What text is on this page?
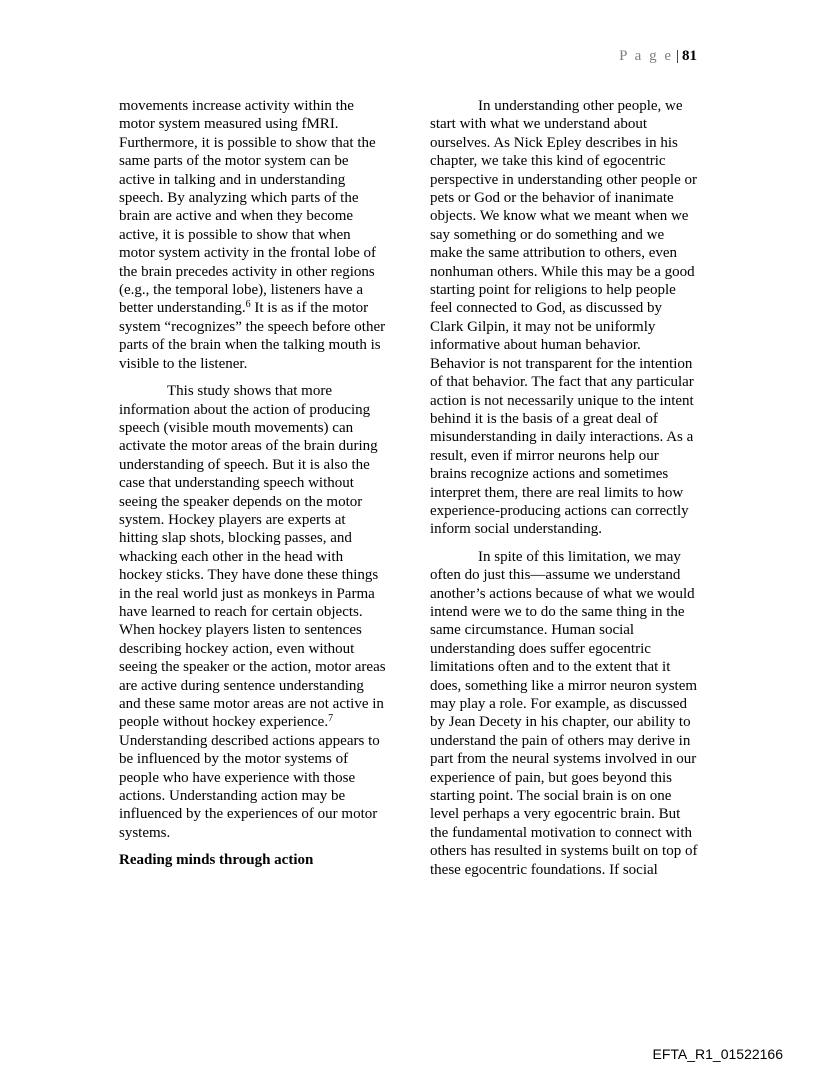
P a g e | 81

movements increase activity within the motor system measured using fMRI. Furthermore, it is possible to show that the same parts of the motor system can be active in talking and in understanding speech. By analyzing which parts of the brain are active and when they become active, it is possible to show that when motor system activity in the frontal lobe of the brain precedes activity in other regions (e.g., the temporal lobe), listeners have a better understanding.$^6$ It is as if the motor system “recognizes” the speech before other parts of the brain when the talking mouth is visible to the listener.

This study shows that more information about the action of producing speech (visible mouth movements) can activate the motor areas of the brain during understanding of speech. But it is also the case that understanding speech without seeing the speaker depends on the motor system. Hockey players are experts at hitting slap shots, blocking passes, and whacking each other in the head with hockey sticks. They have done these things in the real world just as monkeys in Parma have learned to reach for certain objects. When hockey players listen to sentences describing hockey action, even without seeing the speaker or the action, motor areas are active during sentence understanding and these same motor areas are not active in people without hockey experience.$^7$ Understanding described actions appears to be influenced by the motor systems of people who have experience with those actions. Understanding action may be influenced by the experiences of our motor systems.

Reading minds through action

In understanding other people, we start with what we understand about ourselves. As Nick Epley describes in his chapter, we take this kind of egocentric perspective in understanding other people or pets or God or the behavior of inanimate objects. We know what we meant when we say something or do something and we make the same attribution to others, even nonhuman others. While this may be a good starting point for religions to help people feel connected to God, as discussed by Clark Gilpin, it may not be uniformly informative about human behavior. Behavior is not transparent for the intention of that behavior. The fact that any particular action is not necessarily unique to the intent behind it is the basis of a great deal of misunderstanding in daily interactions. As a result, even if mirror neurons help our brains recognize actions and sometimes interpret them, there are real limits to how experience-producing actions can correctly inform social understanding.

In spite of this limitation, we may often do just this—assume we understand another’s actions because of what we would intend were we to do the same thing in the same circumstance. Human social understanding does suffer egocentric limitations often and to the extent that it does, something like a mirror neuron system may play a role. For example, as discussed by Jean Decety in his chapter, our ability to understand the pain of others may derive in part from the neural systems involved in our experience of pain, but goes beyond this starting point. The social brain is on one level perhaps a very egocentric brain. But the fundamental motivation to connect with others has resulted in systems built on top of these egocentric foundations. If social

EFTA_R1_01522166
